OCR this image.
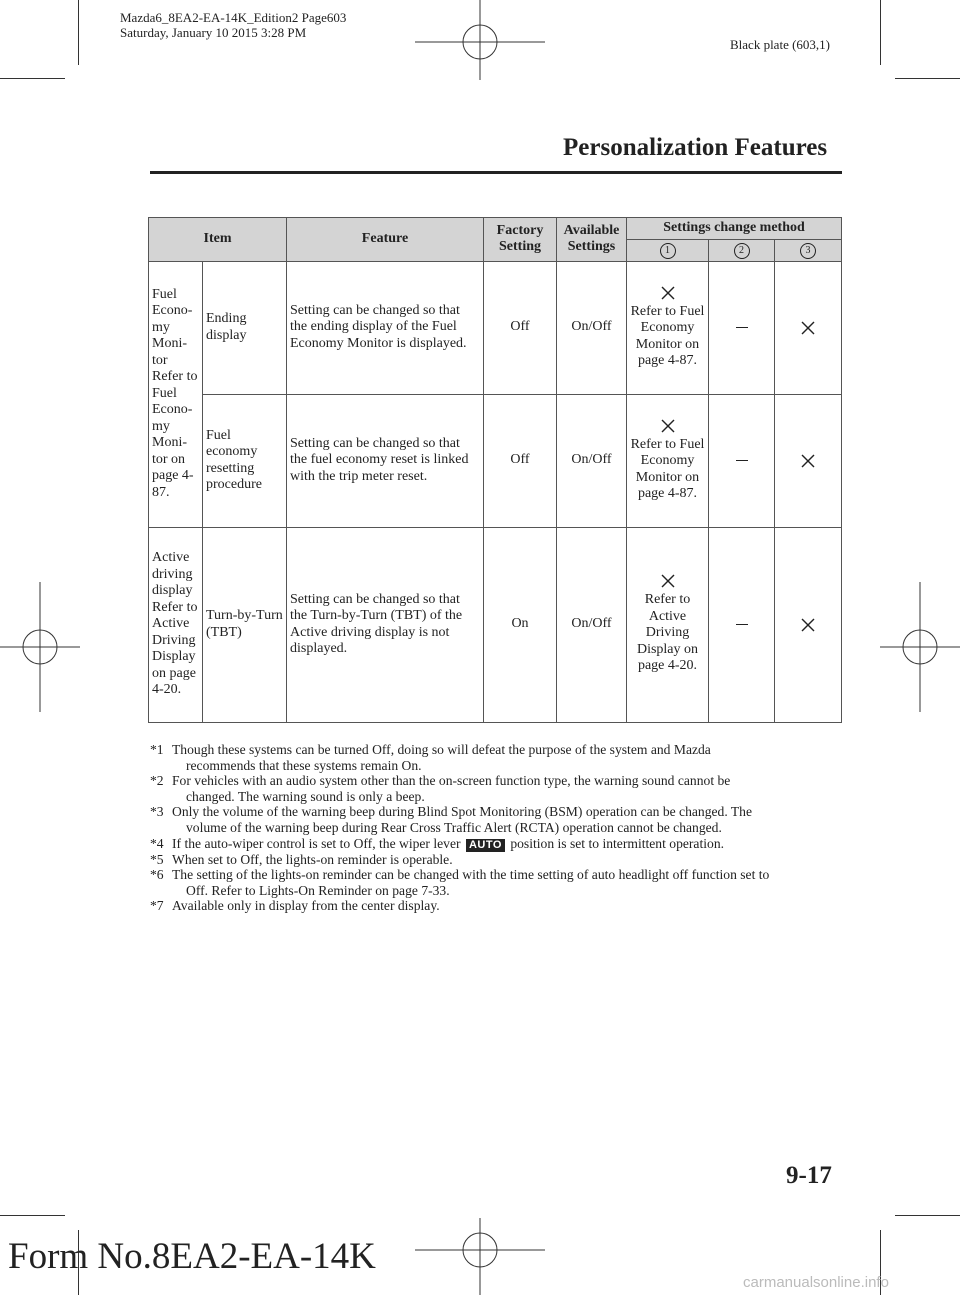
Mazda6_8EA2-EA-14K_Edition2 Page603
Saturday, January 10 2015 3:28 PM
Black plate (603,1)
Personalization Features
Item		Feature	Factory Setting	Available Settings	Settings change method		
					1	2	3
Fuel Econo-my Moni-tor Refer to Fuel Econo-my Moni-tor on page 4-87.	Ending display	Setting can be changed so that the ending display of the Fuel Economy Monitor is displayed.	Off	On/Off	Refer to Fuel Economy Monitor on page 4-87.

	Fuel economy resetting procedure	Setting can be changed so that the fuel economy reset is linked with the trip meter reset.	Off	On/Off	Refer to Fuel Economy Monitor on page 4-87.

Active driving display Refer to Active Driving Display on page 4-20.	Turn-by-Turn (TBT)	Setting can be changed so that the Turn-by-Turn (TBT) of the Active driving display is not displayed.	On	On/Off	Refer to Active Driving Display on page 4-20.

*1 Though these systems can be turned Off, doing so will defeat the purpose of the system and Mazda
recommends that these systems remain On.
*2 For vehicles with an audio system other than the on-screen function type, the warning sound cannot be
changed. The warning sound is only a beep.
*3 Only the volume of the warning beep during Blind Spot Monitoring (BSM) operation can be changed. The
volume of the warning beep during Rear Cross Traffic Alert (RCTA) operation cannot be changed.
*4 If the auto-wiper control is set to Off, the wiper lever AUTO position is set to intermittent operation.
*5 When set to Off, the lights-on reminder is operable.
*6 The setting of the lights-on reminder can be changed with the time setting of auto headlight off function set to
Off. Refer to Lights-On Reminder on page 7-33.
*7 Available only in display from the center display.
9-17
Form No.8EA2-EA-14K
carmanualsonline.info
